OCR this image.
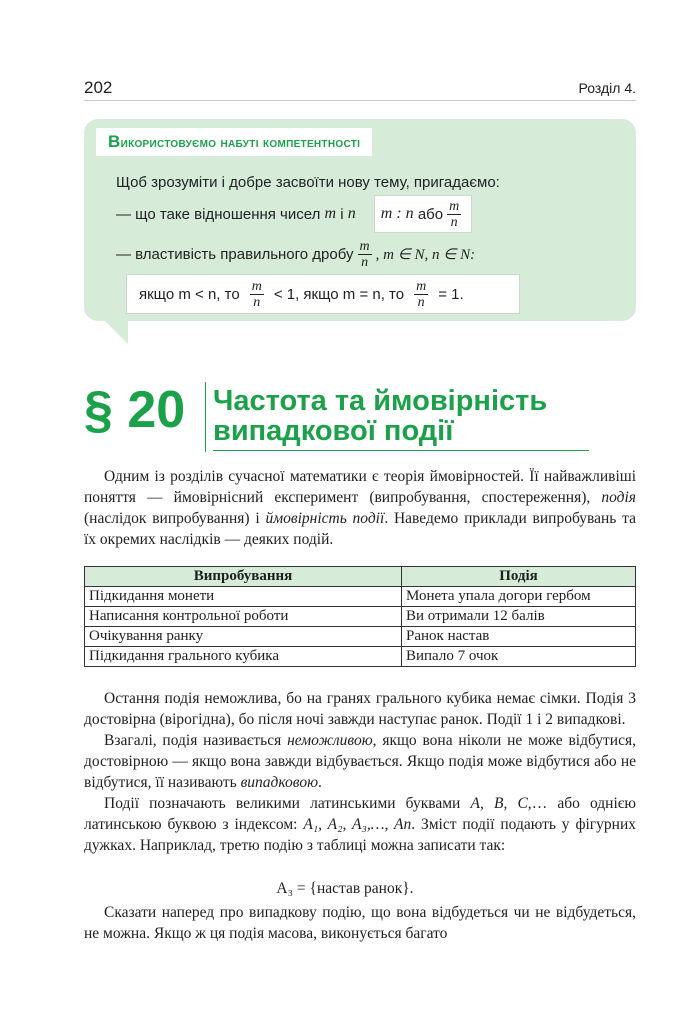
202	Розділ 4.
Використовуємо набуті компетентності
Щоб зрозуміти і добре засвоїти нову тему, пригадаємо:
— що таке відношення чисел
m
і
n m : n
або $\frac{m}{n}$
— властивість правильного дробу $\frac{m}{n}$ , m ∈ N, n ∈ N:
якщо m < n, то $\frac{m}{n} < 1$, якщо m = n, то $\frac{m}{n} = 1$.
§ 20 Частота та ймовірність
випадкової події

Одним із розділів сучасної математики є теорія ймовірностей. Її найважливіші поняття — ймовірнісний експеримент (випробування, спостереження), подія (наслідок випробування) і ймовірність події. Наведемо приклади випробувань та їх окремих наслідків — деяких подій.

Випробування	Подія
Підкидання монети	Монета упала догори гербом
Написання контрольної роботи	Ви отримали 12 балів
Очікування ранку	Ранок настав
Підкидання грального кубика	Випало 7 очок

Остання подія неможлива, бо на гранях грального кубика немає сімки. Подія 3 достовірна (вірогідна), бо після ночі завжди наступає ранок. Події 1 і 2 випадкові.

Взагалі, подія називається неможливою, якщо вона ніколи не може відбутися, достовірною — якщо вона завжди відбувається. Якщо подія може відбутися або не відбутися, її називають випадковою.

Події позначають великими латинськими буквами A, B, C,… або однією латинською буквою з індексом: A₁, A₂, A₃,…, An. Зміст події подають у фігурних дужках. Наприклад, третю подію з таблиці можна записати так:

A₃ = {настав ранок}.

Сказати наперед про випадкову подію, що вона відбудеться чи не відбудеться, не можна. Якщо ж ця подія масова, виконується багато
